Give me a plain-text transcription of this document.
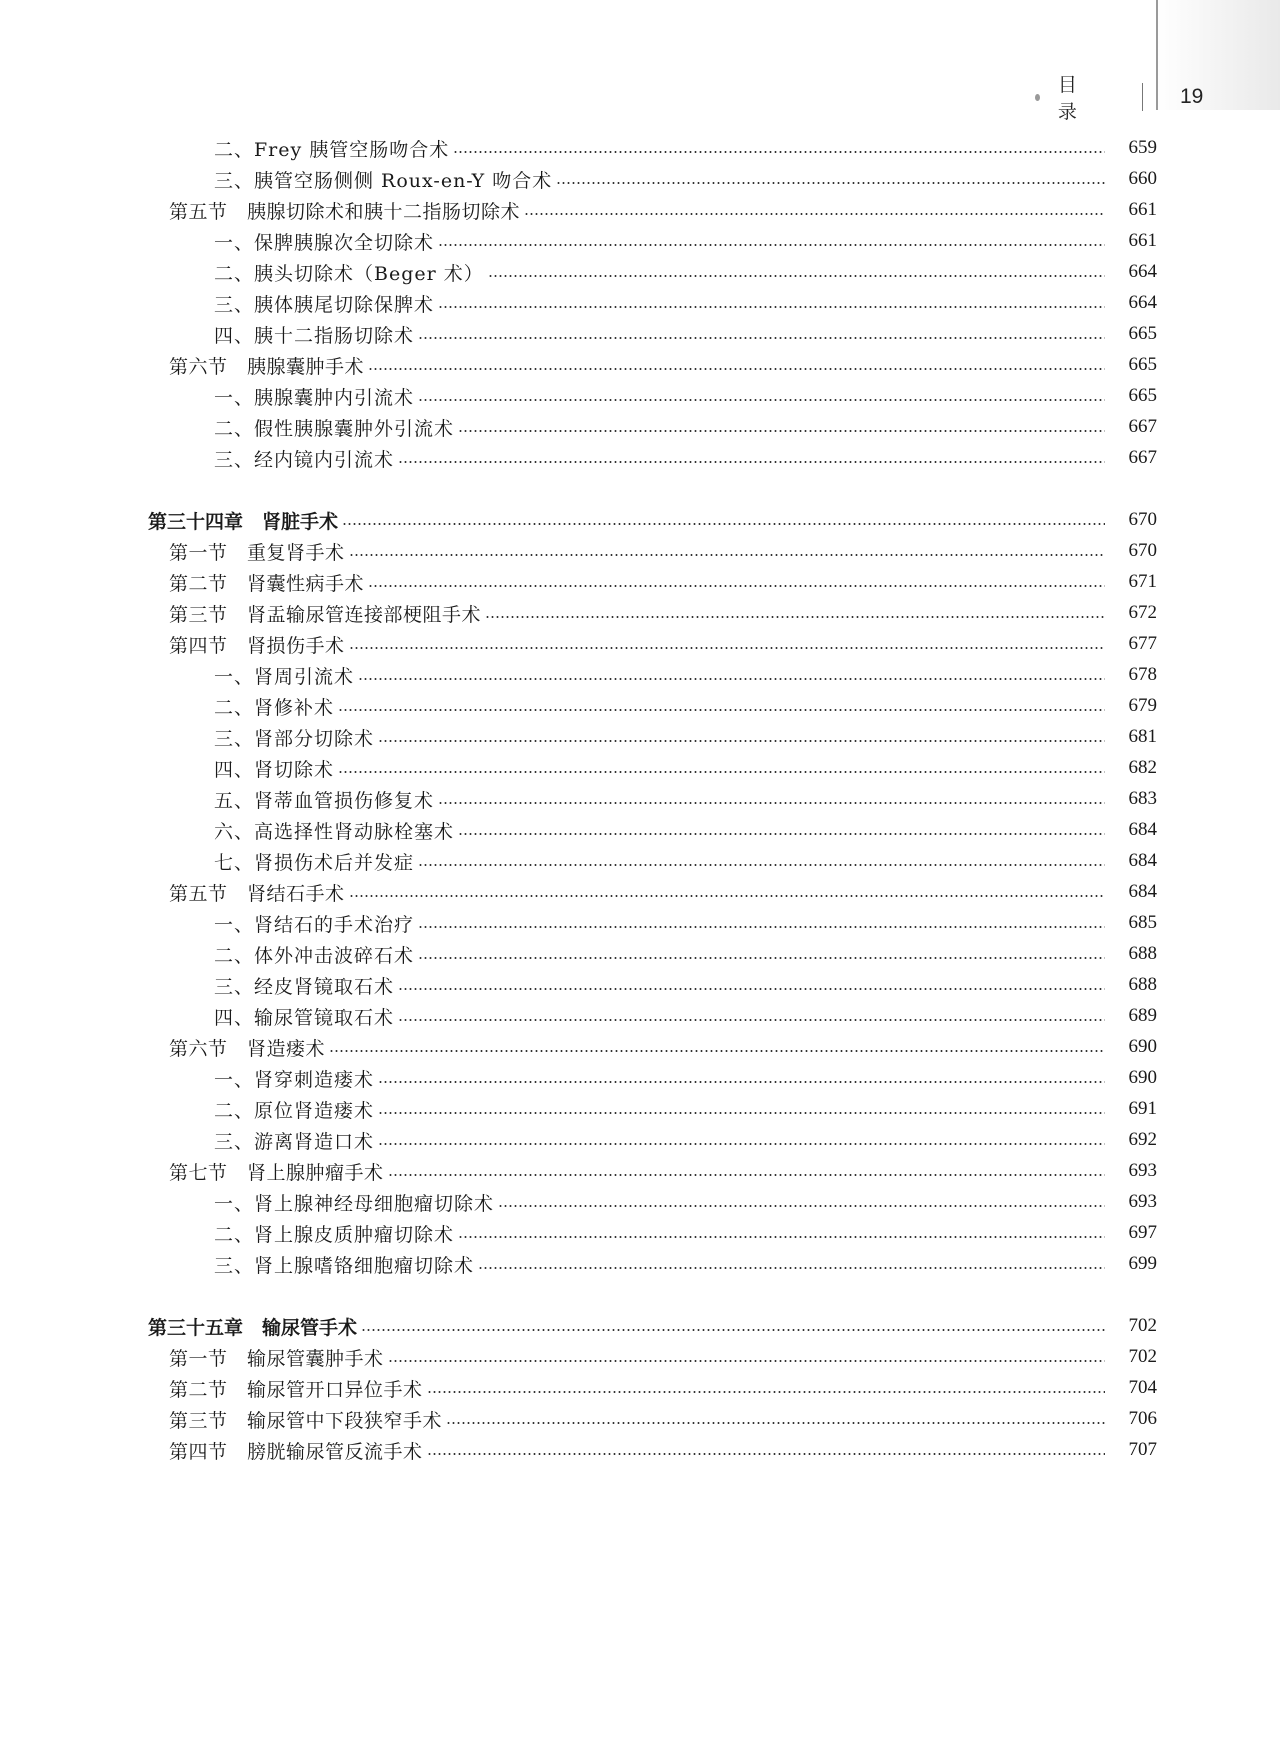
目 录
19
二、Frey 胰管空肠吻合术	659
三、胰管空肠侧侧 Roux-en-Y 吻合术	660
第五节　胰腺切除术和胰十二指肠切除术	661
一、保脾胰腺次全切除术	661
二、胰头切除术（Beger 术）	664
三、胰体胰尾切除保脾术	664
四、胰十二指肠切除术	665
第六节　胰腺囊肿手术	665
一、胰腺囊肿内引流术	665
二、假性胰腺囊肿外引流术	667
三、经内镜内引流术	667
第三十四章　肾脏手术	670
第一节　重复肾手术	670
第二节　肾囊性病手术	671
第三节　肾盂输尿管连接部梗阻手术	672
第四节　肾损伤手术	677
一、肾周引流术	678
二、肾修补术	679
三、肾部分切除术	681
四、肾切除术	682
五、肾蒂血管损伤修复术	683
六、高选择性肾动脉栓塞术	684
七、肾损伤术后并发症	684
第五节　肾结石手术	684
一、肾结石的手术治疗	685
二、体外冲击波碎石术	688
三、经皮肾镜取石术	688
四、输尿管镜取石术	689
第六节　肾造瘘术	690
一、肾穿刺造瘘术	690
二、原位肾造瘘术	691
三、游离肾造口术	692
第七节　肾上腺肿瘤手术	693
一、肾上腺神经母细胞瘤切除术	693
二、肾上腺皮质肿瘤切除术	697
三、肾上腺嗜铬细胞瘤切除术	699
第三十五章　输尿管手术	702
第一节　输尿管囊肿手术	702
第二节　输尿管开口异位手术	704
第三节　输尿管中下段狭窄手术	706
第四节　膀胱输尿管反流手术	707
